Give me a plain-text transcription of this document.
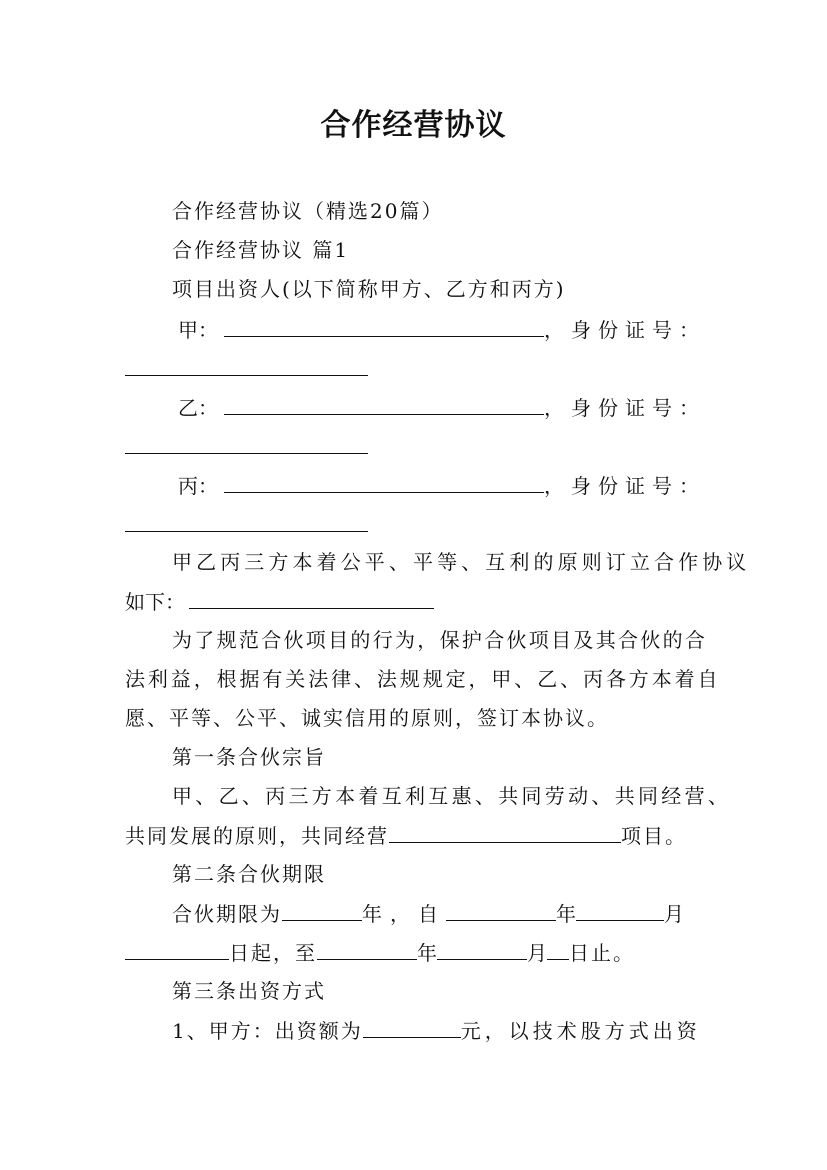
合作经营协议
合作经营协议（精选20篇）
合作经营协议 篇1
项目出资人(以下简称甲方、乙方和丙方)
甲：	，身份证号：
乙：	，身份证号：
丙：	，身份证号：
甲乙丙三方本着公平、平等、互利的原则订立合作协议
如下：
为了规范合伙项目的行为，保护合伙项目及其合伙的合
法利益，根据有关法律、法规规定，甲、乙、丙各方本着自
愿、平等、公平、诚实信用的原则，签订本协议。
第一条合伙宗旨
甲、乙、丙三方本着互利互惠、共同劳动、共同经营、
共同发展的原则，共同经营	项目。
第二条合伙期限
合伙期限为	年，自	年	月
日起，至	年	月 日止。
第三条出资方式
1、甲方：出资额为	元，以技术股方式出资
